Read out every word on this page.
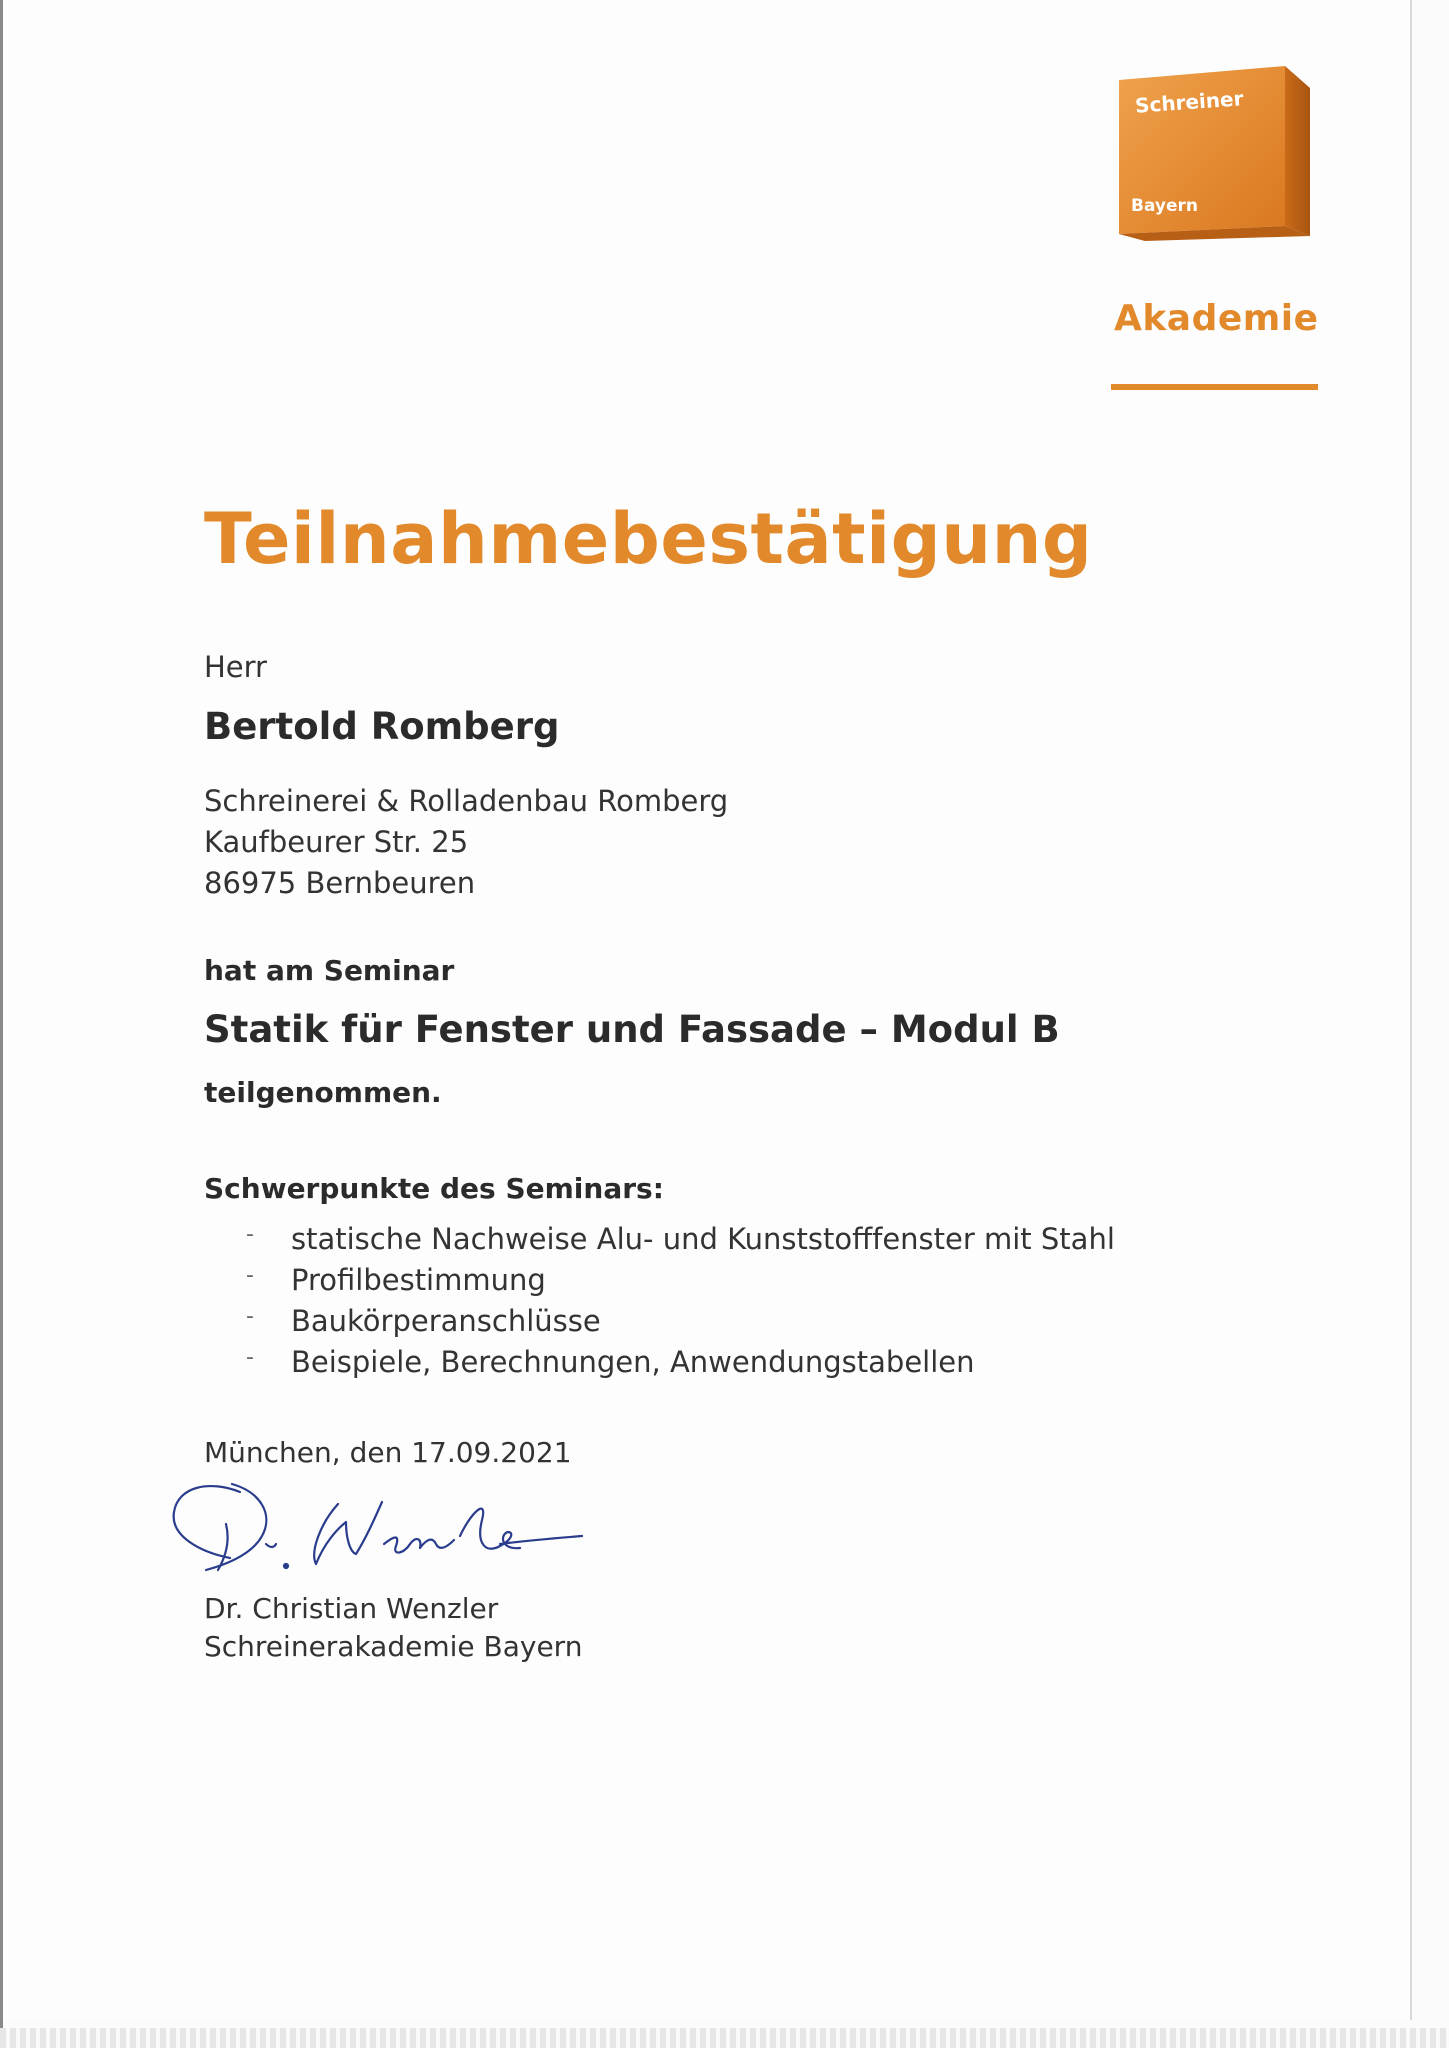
Schreiner
Bayern
Akademie
Teilnahmebestätigung
Herr
Bertold Romberg
Schreinerei & Rolladenbau Romberg
Kaufbeurer Str. 25
86975 Bernbeuren
hat am Seminar
Statik für Fenster und Fassade – Modul B
teilgenommen.
Schwerpunkte des Seminars:
- statische Nachweise Alu- und Kunststofffenster mit Stahl
- Profilbestimmung
- Baukörperanschlüsse
- Beispiele, Berechnungen, Anwendungstabellen
München, den 17.09.2021
Dr. Christian Wenzler
Schreinerakademie Bayern
